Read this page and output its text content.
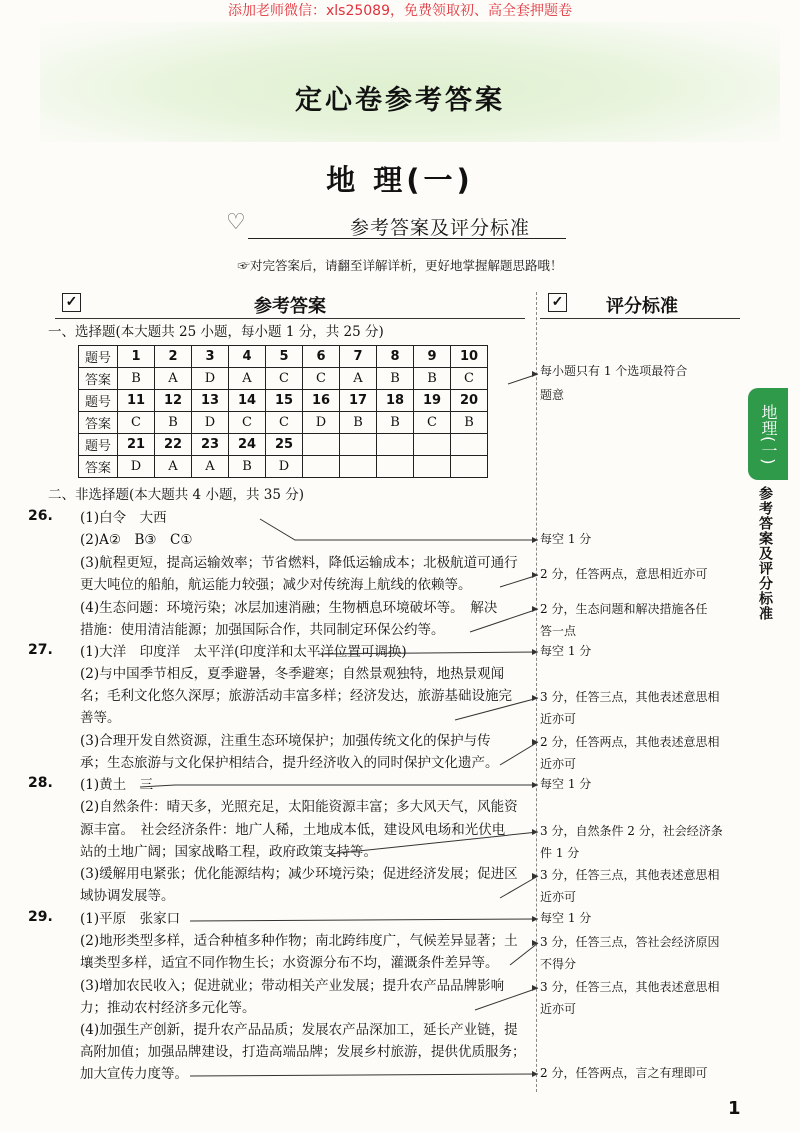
添加老师微信：xls25089，免费领取初、高全套押题卷
定心卷参考答案
地 理(一)
♡	参考答案及评分标准
☞对完答案后，请翻至详解详析，更好地掌握解题思路哦！
✓	参考答案	✓ 评分标准
一、选择题(本大题共 25 小题，每小题 1 分，共 25 分)
题号	1	2	3	4	5	6	7	8	9	10
答案	B	A	D	A	C	C	A	B	B	C
题号	11	12	13	14	15	16	17	18	19	20
答案	C	B	D	C	C	D	B	B	C	B
题号	21	22	23	24	25					
答案	D	A	A	B	D					
每小题只有 1 个选项最符合
题意
二、非选择题(本大题共 4 小题，共 35 分)
26. (1)白令　大西
(2)A②　B③　C①
(3)航程更短，提高运输效率；节省燃料，降低运输成本；北极航道可通行
更大吨位的船舶，航运能力较强；减少对传统海上航线的依赖等。
(4)生态问题：环境污染；冰层加速消融；生物栖息环境破坏等。　解决
措施：使用清洁能源；加强国际合作，共同制定环保公约等。
每空 1 分
2 分，任答两点，意思相近亦可
2 分，生态问题和解决措施各任
答一点
27. (1)大洋　印度洋　太平洋(印度洋和太平洋位置可调换)
(2)与中国季节相反，夏季避暑，冬季避寒；自然景观独特，地热景观闻
名；毛利文化悠久深厚；旅游活动丰富多样；经济发达，旅游基础设施完
善等。
(3)合理开发自然资源，注重生态环境保护；加强传统文化的保护与传
承；生态旅游与文化保护相结合，提升经济收入的同时保护文化遗产。
每空 1 分
3 分，任答三点，其他表述意思相
近亦可
2 分，任答两点，其他表述意思相
近亦可
28. (1)黄土　三
(2)自然条件：晴天多，光照充足，太阳能资源丰富；多大风天气，风能资
源丰富。　社会经济条件：地广人稀，土地成本低，建设风电场和光伏电
站的土地广阔；国家战略工程，政府政策支持等。
(3)缓解用电紧张；优化能源结构；减少环境污染；促进经济发展；促进区
域协调发展等。
每空 1 分
3 分，自然条件 2 分，社会经济条
件 1 分
3 分，任答三点，其他表述意思相
近亦可
29. (1)平原　张家口
(2)地形类型多样，适合种植多种作物；南北跨纬度广，气候差异显著；土
壤类型多样，适宜不同作物生长；水资源分布不均，灌溉条件差异等。
(3)增加农民收入；促进就业；带动相关产业发展；提升农产品品牌影响
力；推动农村经济多元化等。
(4)加强生产创新，提升农产品品质；发展农产品深加工，延长产业链，提
高附加值；加强品牌建设，打造高端品牌；发展乡村旅游，提供优质服务；
加大宣传力度等。
每空 1 分
3 分，任答三点，答社会经济原因
不得分
3 分，任答三点，其他表述意思相
近亦可
2 分，任答两点，言之有理即可
地理(一)
参考答案及评分标准
1
